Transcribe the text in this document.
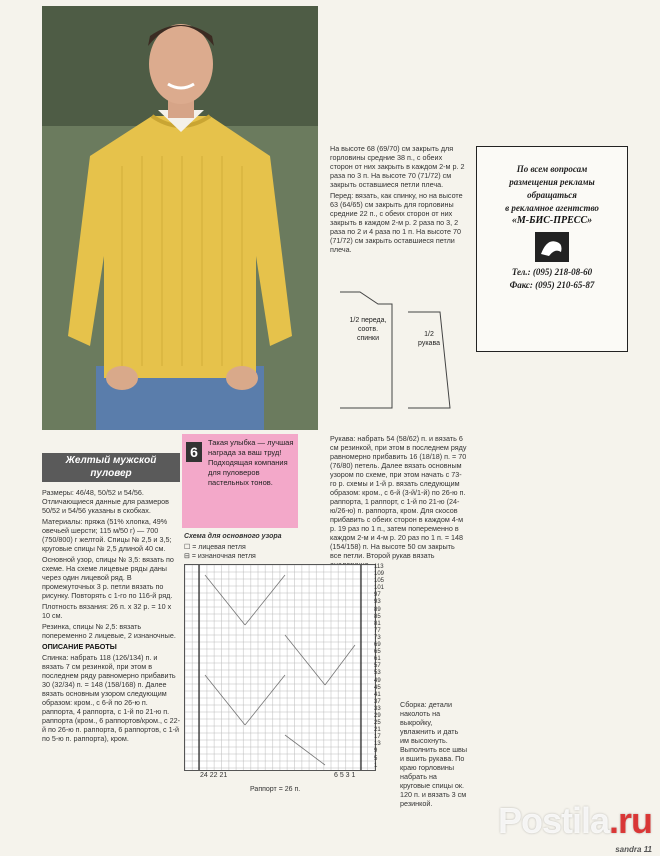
Желтый мужской
пуловер

Размеры: 46/48, 50/52 и 54/56. Отличающиеся данные для размеров 50/52 и 54/56 указаны в скобках.

Материалы: пряжа (51% хлопка, 49% овечьей шерсти; 115 м/50 г) — 700 (750/800) г желтой. Спицы № 2,5 и 3,5; круговые спицы № 2,5 длиной 40 см.

Основной узор, спицы № 3,5: вязать по схеме. На схеме лицевые ряды даны через один лицевой ряд. В промежуточных 3 р. петли вязать по рисунку. Повторять с 1-го по 116-й ряд.

Плотность вязания: 26 п. х 32 р. = 10 х 10 см.

Резинка, спицы № 2,5: вязать попеременно 2 лицевые, 2 изнаночные.

ОПИСАНИЕ РАБОТЫ

Спинка: набрать 118 (126/134) п. и вязать 7 см резинкой, при этом в последнем ряду равномерно прибавить 30 (32/34) п. = 148 (158/168) п. Далее вязать основным узором следующим образом: кром., с 6-й по 26-ю п. раппорта, 4 раппорта, с 1-й по 21-ю п. раппорта (кром., 6 раппортов/кром., с 22-й по 26-ю п. раппорта, 6 раппортов, с 1-й по 5-ю п. раппорта), кром.

6
Такая улыбка — лучшая награда за ваш труд! Подходящая компания для пуловеров пастельных тонов.

На высоте 68 (69/70) см закрыть для горловины средние 38 п., с обеих сторон от них закрыть в каждом 2-м р. 2 раза по 3 п. На высоте 70 (71/72) см закрыть оставшиеся петли плеча.

Перед: вязать, как спинку, но на высоте 63 (64/65) см закрыть для горловины средние 22 п., с обеих сторон от них закрыть в каждом 2-м р. 2 раза по 3, 2 раза по 2 и 4 раза по 1 п. На высоте 70 (71/72) см закрыть оставшиеся петли плеча.

1/2 переда, соотв. спинки
1/2 рукава

Рукава: набрать 54 (58/62) п. и вязать 6 см резинкой, при этом в последнем ряду равномерно прибавить 16 (18/18) п. = 70 (76/80) петель. Далее вязать основным узором по схеме, при этом начать с 73-го р. схемы и 1-й р. вязать следующим образом: кром., с 6-й (3-й/1-й) по 26-ю п. раппорта, 1 раппорт, с 1-й по 21-ю (24-ю/26-ю) п. раппорта, кром. Для скосов прибавить с обеих сторон в каждом 4-м р. 19 раз по 1 п., затем попеременно в каждом 2-м и 4-м р. 20 раз по 1 п. = 148 (154/158) п. На высоте 50 см закрыть все петли. Второй рукав вязать

Сборка: детали наколоть на выкройку, увлажнить и дать им высохнуть. Выполнить все швы и вшить рукава. По краю горловины набрать на круговые спицы ок. 120 п. и вязать 3 см резинкой.

Схема для основного узора
☐ = лицевая петля
⊟ = изнаночная петля
113
109
105
101
97
93
89
85
81
77
73
69
65
61
57
53
49
45
41
37
33
29
25
21
17
13
9
5
1
24 22 21	6 5 3 1
Раппорт = 26 п.
По всем вопросам
размещения рекламы
обращаться
в рекламное агентство
«М-БИС-ПРЕСС»
Тел.: (095) 218-08-60
Факс: (095) 210-65-87
Postila.ru
sandra 11
